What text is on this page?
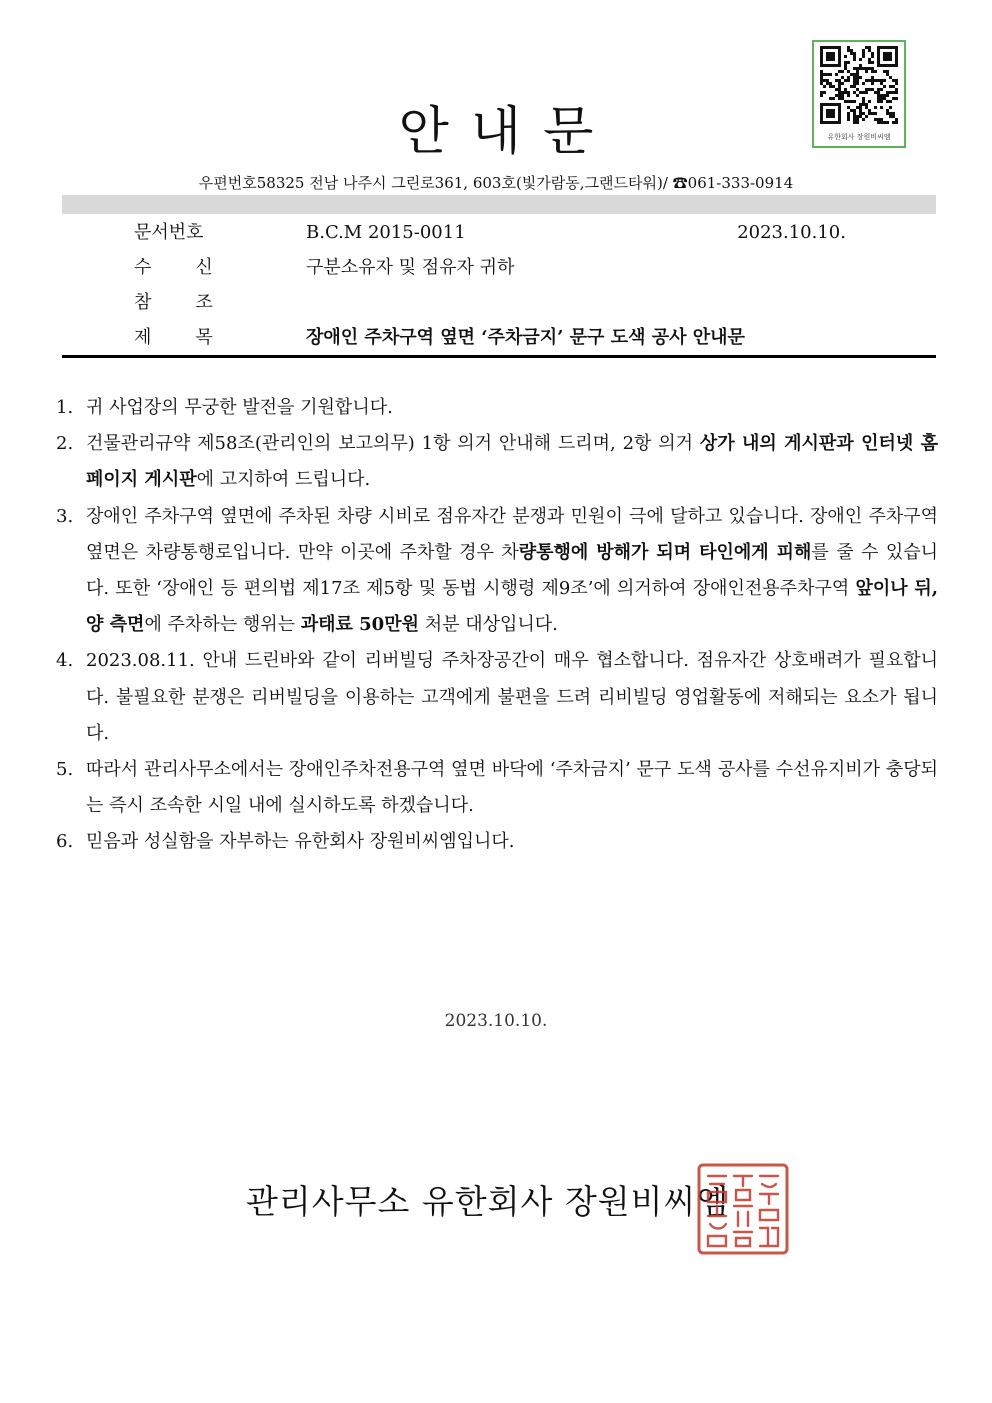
유한회사 장원비씨엠
안내문
우편번호58325 전남 나주시 그린로361, 603호(빛가람동,그랜드타워)/ ☎061-333-0914
문서번호	B.C.M 2015-0011	2023.10.10.
수신	구분소유자 및 점유자 귀하
참조
제목	장애인 주차구역 옆면 ‘주차금지’ 문구 도색 공사 안내문
1. 귀 사업장의 무궁한 발전을 기원합니다.
2. 건물관리규약 제58조(관리인의 보고의무) 1항 의거 안내해 드리며, 2항 의거 상가 내의 게시판과 인터넷 홈페이지 게시판에 고지하여 드립니다.
3. 장애인 주차구역 옆면에 주차된 차량 시비로 점유자간 분쟁과 민원이 극에 달하고 있습니다. 장애인 주차구역 옆면은 차량통행로입니다. 만약 이곳에 주차할 경우 차량통행에 방해가 되며 타인에게 피해를 줄 수 있습니다. 또한 ‘장애인 등 편의법 제17조 제5항 및 동법 시행령 제9조’에 의거하여 장애인전용주차구역 앞이나 뒤, 양 측면에 주차하는 행위는 과태료 50만원 처분 대상입니다.
4. 2023.08.11. 안내 드린바와 같이 리버빌딩 주차장공간이 매우 협소합니다. 점유자간 상호배려가 필요합니다. 불필요한 분쟁은 리버빌딩을 이용하는 고객에게 불편을 드려 리비빌딩 영업활동에 저해되는 요소가 됩니다.
5. 따라서 관리사무소에서는 장애인주차전용구역 옆면 바닥에 ‘주차금지’ 문구 도색 공사를 수선유지비가 충당되는 즉시 조속한 시일 내에 실시하도록 하겠습니다.
6. 믿음과 성실함을 자부하는 유한회사 장원비씨엠입니다.
2023.10.10.
관리사무소 유한회사 장원비씨엠
